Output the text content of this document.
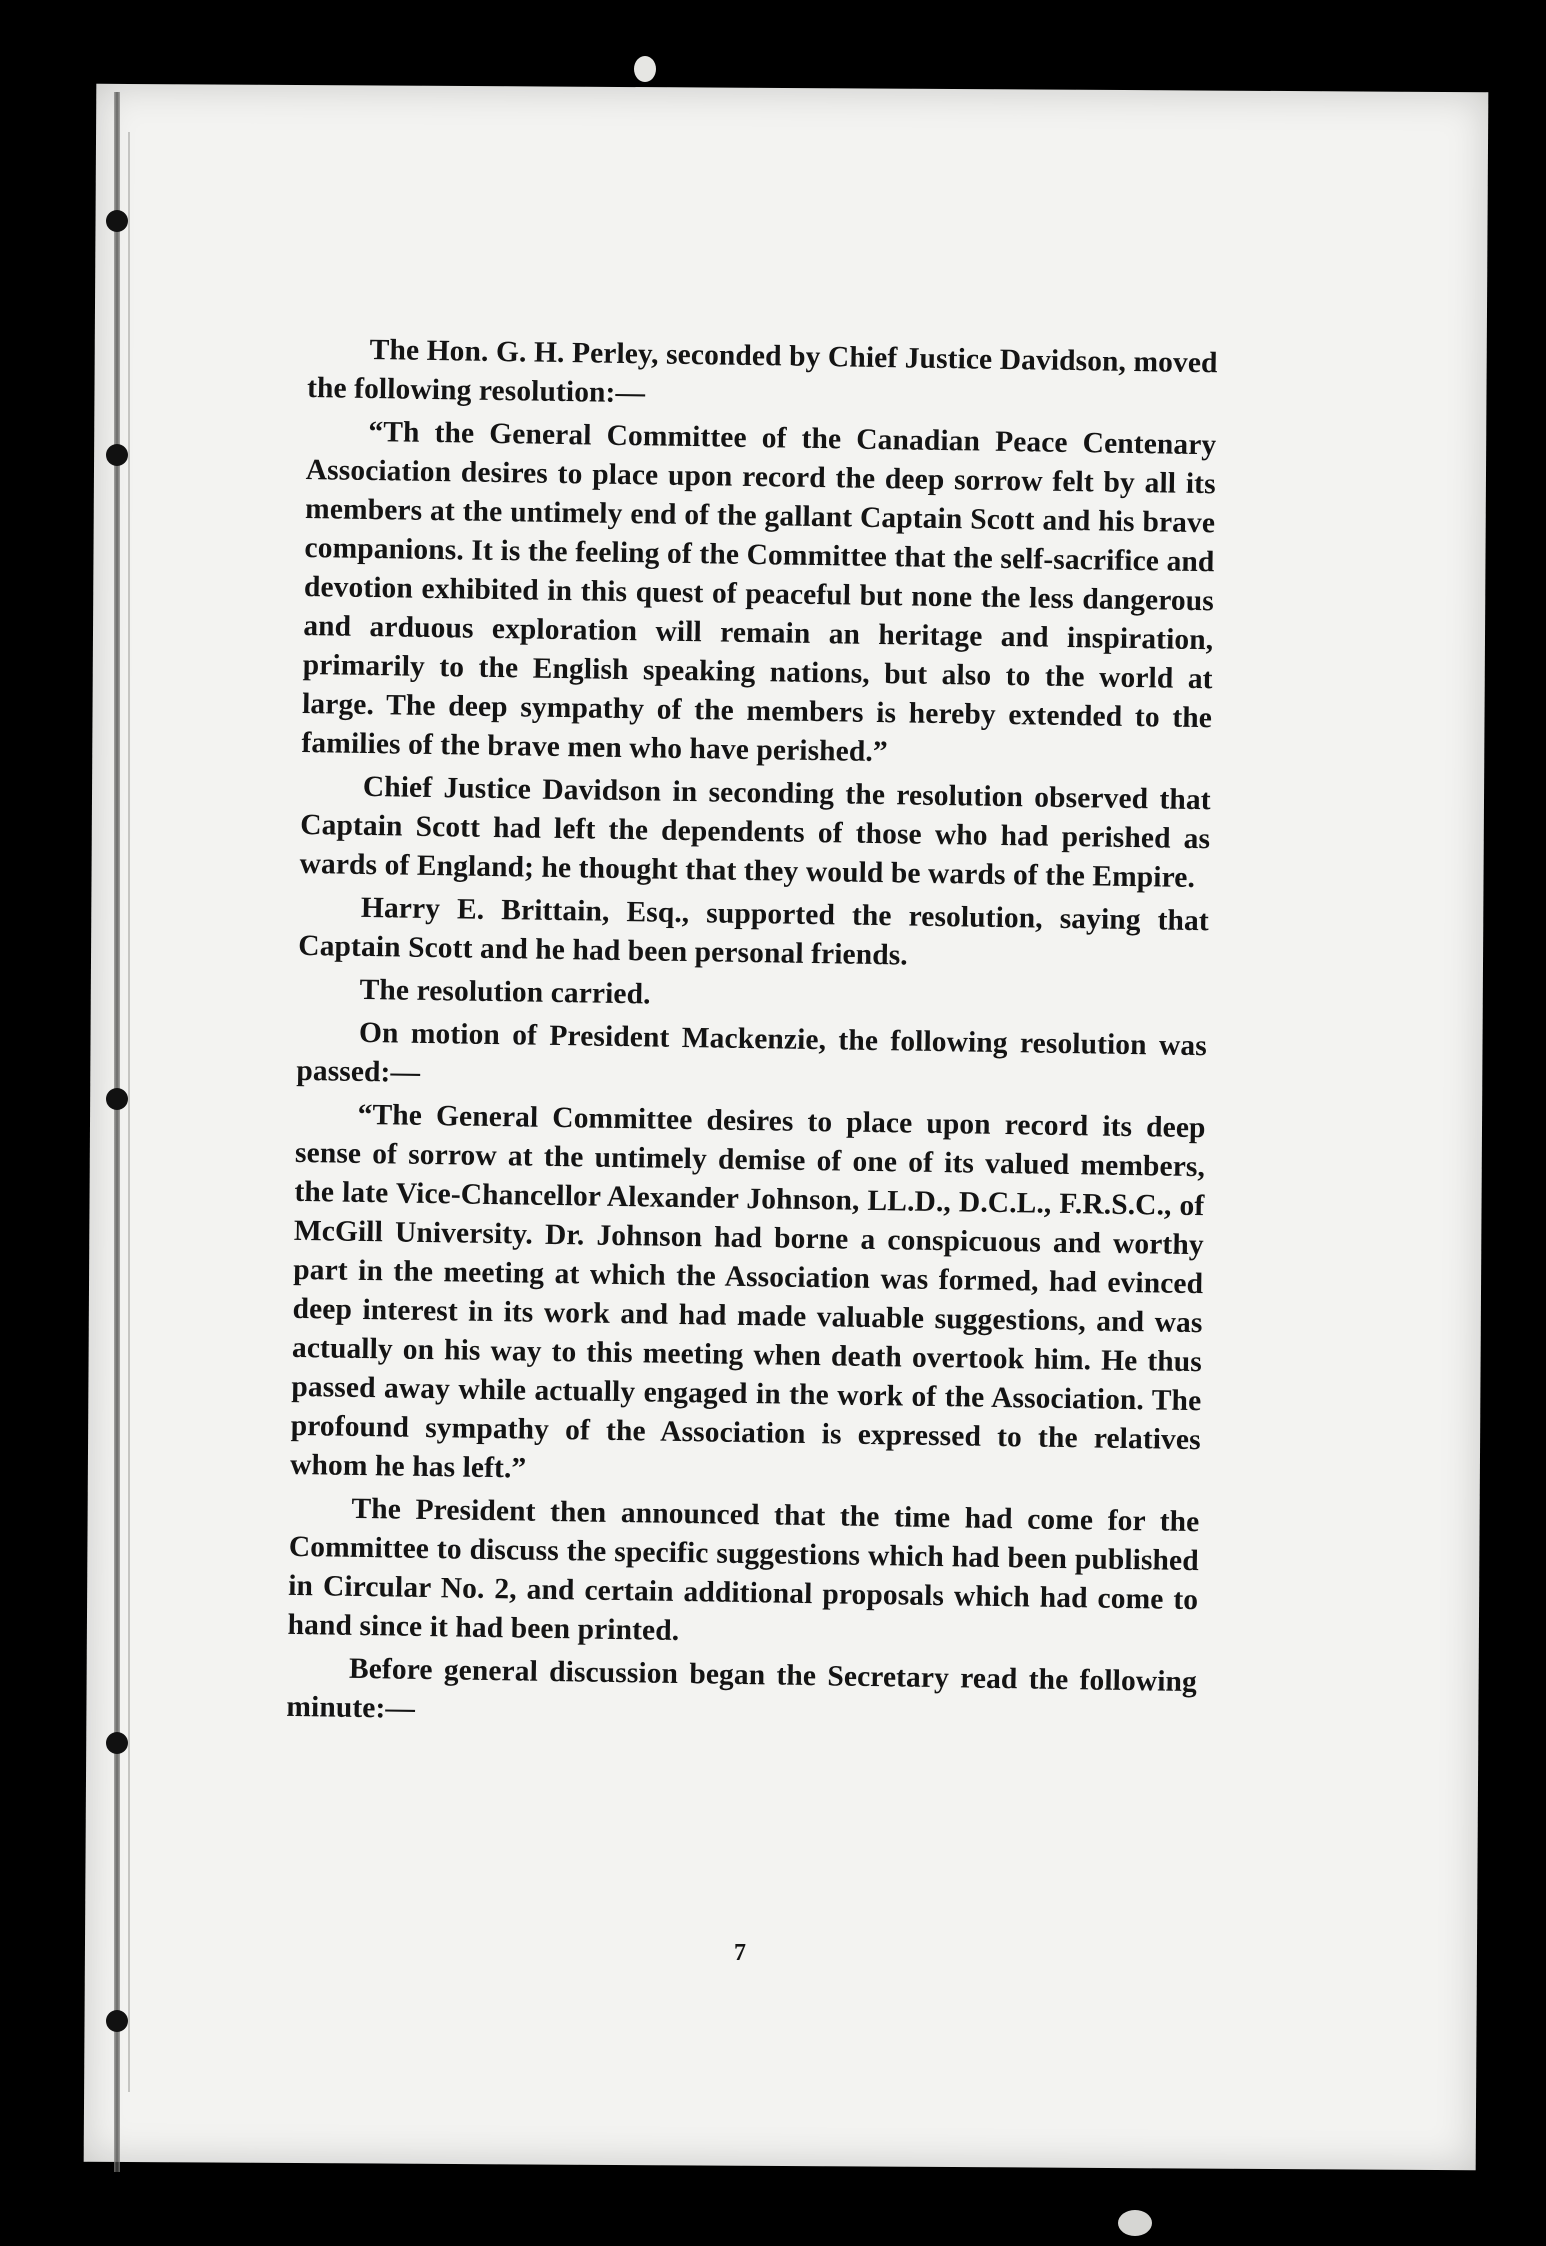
The Hon. G. H. Perley, seconded by Chief Justice Davidson, moved the following resolution:—

“Th the General Committee of the Canadian Peace Centenary Association desires to place upon record the deep sorrow felt by all its members at the untimely end of the gallant Captain Scott and his brave companions. It is the feeling of the Committee that the self-sacrifice and devotion exhibited in this quest of peaceful but none the less dangerous and arduous exploration will remain an heritage and inspiration, primarily to the English speaking nations, but also to the world at large. The deep sympathy of the members is hereby extended to the families of the brave men who have perished.”

Chief Justice Davidson in seconding the resolution observed that Captain Scott had left the dependents of those who had perished as wards of England; he thought that they would be wards of the Empire.

Harry E. Brittain, Esq., supported the resolution, saying that Captain Scott and he had been personal friends.

The resolution carried.

On motion of President Mackenzie, the following resolution was passed:—

“The General Committee desires to place upon record its deep sense of sorrow at the untimely demise of one of its valued members, the late Vice-Chancellor Alexander Johnson, LL.D., D.C.L., F.R.S.C., of McGill University. Dr. Johnson had borne a conspicuous and worthy part in the meeting at which the Association was formed, had evinced deep interest in its work and had made valuable suggestions, and was actually on his way to this meeting when death overtook him. He thus passed away while actually engaged in the work of the Association. The profound sympathy of the Association is expressed to the relatives whom he has left.”

The President then announced that the time had come for the Committee to discuss the specific suggestions which had been published in Circular No. 2, and certain additional proposals which had come to hand since it had been printed.

Before general discussion began the Secretary read the following minute:—

7
